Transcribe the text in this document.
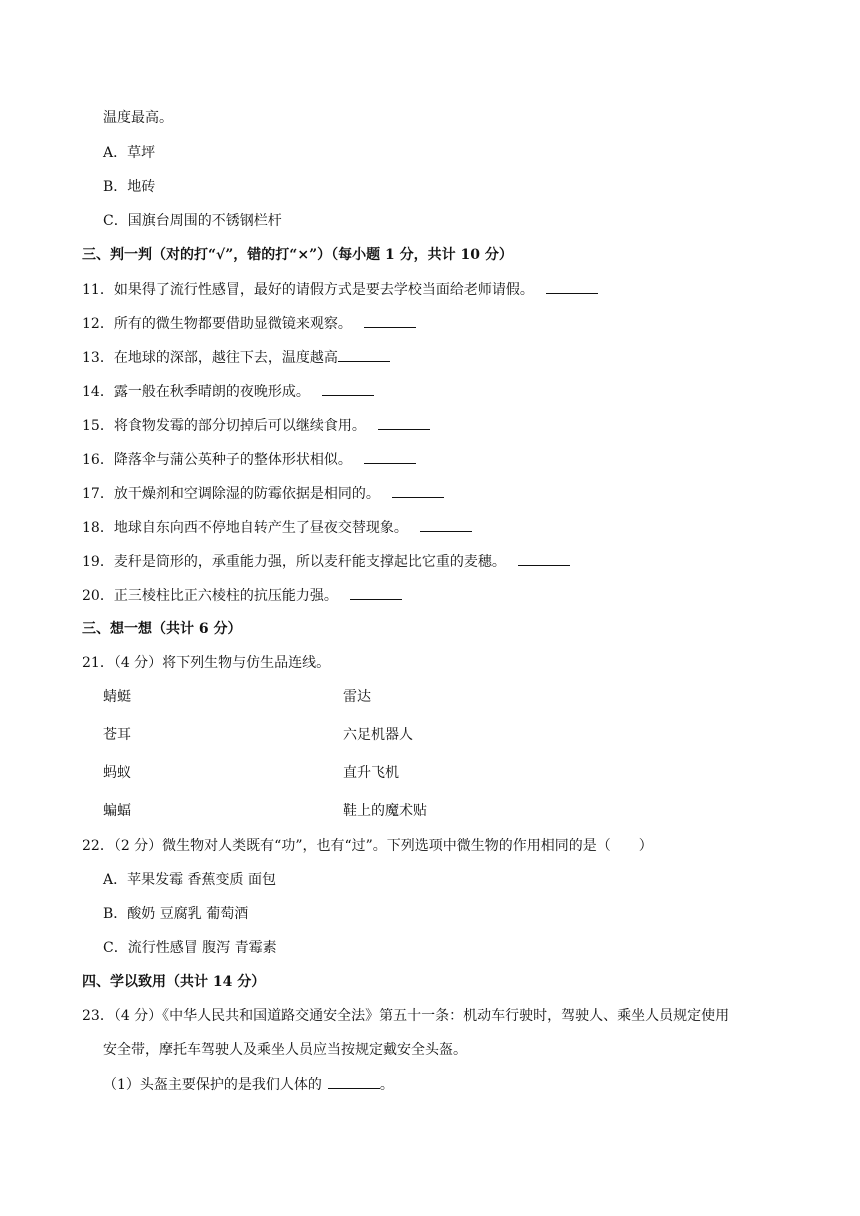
温度最高。
A．草坪
B．地砖
C．国旗台周围的不锈钢栏杆
三、判一判（对的打“√”，错的打“×”）（每小题 1 分，共计 10 分）
11．如果得了流行性感冒，最好的请假方式是要去学校当面给老师请假。
12．所有的微生物都要借助显微镜来观察。
13．在地球的深部，越往下去，温度越高
14．露一般在秋季晴朗的夜晚形成。
15．将食物发霉的部分切掉后可以继续食用。
16．降落伞与蒲公英种子的整体形状相似。
17．放干燥剂和空调除湿的防霉依据是相同的。
18．地球自东向西不停地自转产生了昼夜交替现象。
19．麦秆是筒形的，承重能力强，所以麦秆能支撑起比它重的麦穗。
20．正三棱柱比正六棱柱的抗压能力强。
三、想一想（共计 6 分）
21．（4 分）将下列生物与仿生品连线。
蜻蜓	雷达
苍耳	六足机器人
蚂蚁	直升飞机
蝙蝠	鞋上的魔术贴
22．（2 分）微生物对人类既有“功”，也有“过”。下列选项中微生物的作用相同的是（　　）
A．苹果发霉 香蕉变质 面包
B．酸奶 豆腐乳 葡萄酒
C．流行性感冒 腹泻 青霉素
四、学以致用（共计 14 分）
23．（4 分）《中华人民共和国道路交通安全法》第五十一条：机动车行驶时，驾驶人、乘坐人员规定使用
安全带，摩托车驾驶人及乘坐人员应当按规定戴安全头盔。
（1）头盔主要保护的是我们人体的	。
